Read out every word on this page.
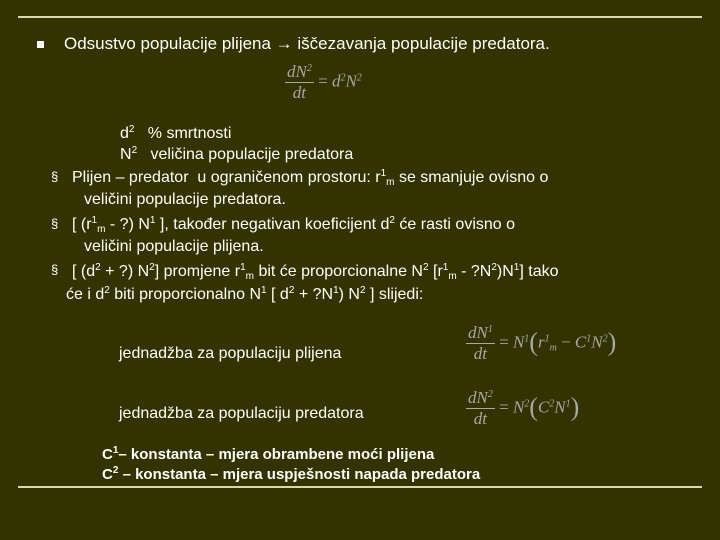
Odsustvo populacije plijena → iščezavanja populacije predatora.
$\frac{dN^2}{dt} = d^2N^2$
$d^2$   % smrtnosti
$N^2$   veličina populacije predatora
§ Plijen – predator  u ograničenom prostoru: $r^1_m$ se smanjuje ovisno o
veličini populacije predatora.
§ [ ($r^1_m$ - ?) $N^1$ ], također negativan koeficijent $d^2$ će rasti ovisno o
veličini populacije plijena.
§ [ ($d^2$ + ?) $N^2$] promjene $r^1_m$ bit će proporcionalne $N^2$ [$r^1_m$ - $?N^2)N^1$] tako
će i $d^2$ biti proporcionalno $N^1$ [ $d^2$ + $?N^1$) $N^2$ ] slijedi:
jednadžba za populaciju plijena	$\frac{dN^1}{dt} = N^1(r^1_m - C^1N^2)$
jednadžba za populaciju predatora	$\frac{dN^2}{dt} = N^2(C^2N^1)$
$C^1-$ konstanta – mjera obrambene moći plijena
$C^2$ – konstanta – mjera uspješnosti napada predatora
